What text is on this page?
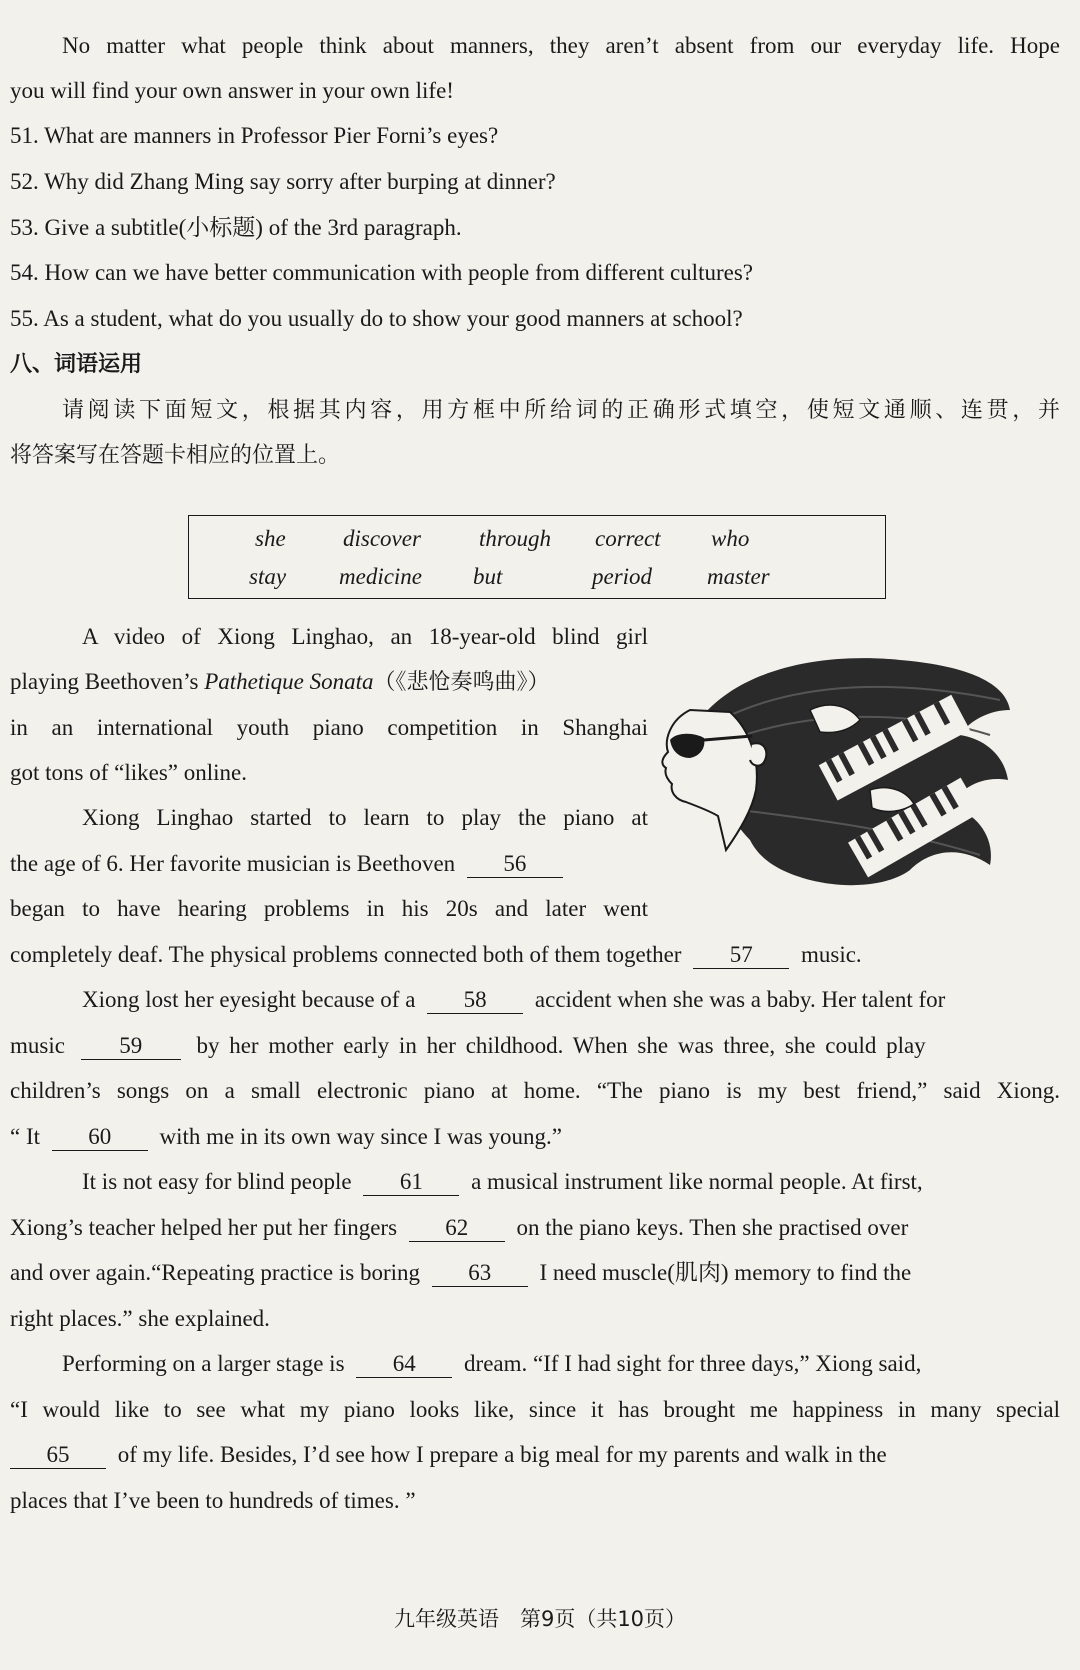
No matter what people think about manners, they aren’t absent from our everyday life. Hope
you will find your own answer in your own life!
51. What are manners in Professor Pier Forni’s eyes?
52. Why did Zhang Ming say sorry after burping at dinner?
53. Give a subtitle(小标题) of the 3rd paragraph.
54. How can we have better communication with people from different cultures?
55. As a student, what do you usually do to show your good manners at school?
八、词语运用
请阅读下面短文，根据其内容，用方框中所给词的正确形式填空，使短文通顺、连贯，并
将答案写在答题卡相应的位置上。
she discover	through correct who
stay medicine but	period master
A video of Xiong Linghao, an 18-year-old blind girl
playing Beethoven’s Pathetique Sonata（《悲怆奏鸣曲》）
in an international youth piano competition in Shanghai
got tons of “likes” online.
Xiong Linghao started to learn to play the piano at
the age of 6. Her favorite musician is Beethoven 56
began to have hearing problems in his 20s and later went
completely deaf. The physical problems connected both of them together 57 music.
Xiong lost her eyesight because of a 58 accident when she was a baby. Her talent for
music 59 by her mother early in her childhood. When she was three, she could play
children’s songs on a small electronic piano at home. “The piano is my best friend,” said Xiong.
“ It 60 with me in its own way since I was young.”
It is not easy for blind people 61 a musical instrument like normal people. At first,
Xiong’s teacher helped her put her fingers 62 on the piano keys. Then she practised over
and over again.“Repeating practice is boring 63 I need muscle(肌肉) memory to find the
right places.” she explained.
Performing on a larger stage is 64 dream. “If I had sight for three days,” Xiong said,
“I would like to see what my piano looks like, since it has brought me happiness in many special
65 of my life. Besides, I’d see how I prepare a big meal for my parents and walk in the
places that I’ve been to hundreds of times. ”
九年级英语　第9页（共10页）
